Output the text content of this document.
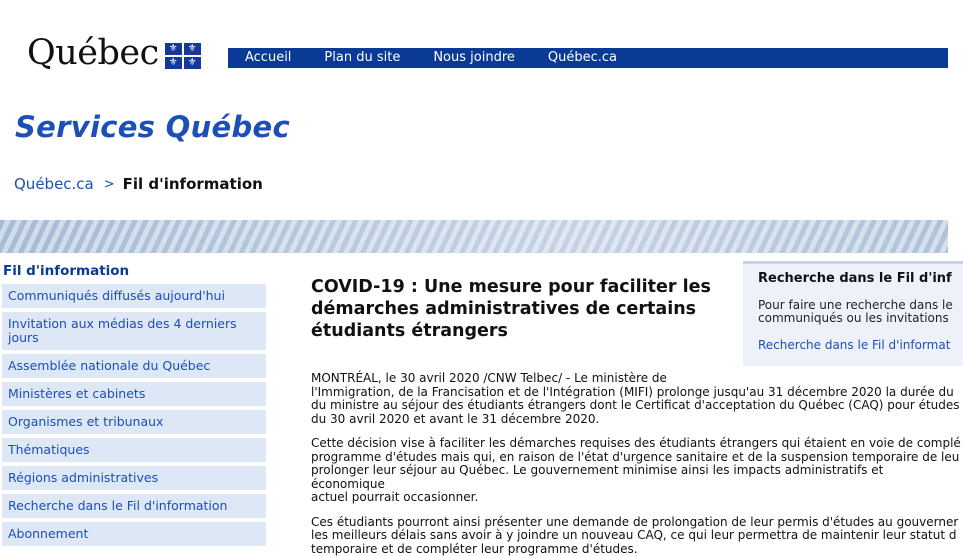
Québec	⚜	⚜
⚜	⚜	Accueil	Plan du site	Nous joindre	Québec.ca
Services Québec
Québec.ca > Fil d'information
Fil d'information
Communiqués diffusés aujourd'hui
Invitation aux médias des 4 derniers jours
Assemblée nationale du Québec
Ministères et cabinets
Organismes et tribunaux
Thématiques
Régions administratives
Recherche dans le Fil d'information
Abonnement
COVID-19 : Une mesure pour faciliter les démarches administratives de certains étudiants étrangers

MONTRÉAL, le 30 avril 2020 /CNW Telbec/ - Le ministère de
l'Immigration, de la Francisation et de l'Intégration (MIFI) prolonge jusqu'au 31 décembre 2020 la durée du
du ministre au séjour des étudiants étrangers dont le Certificat d'acceptation du Québec (CAQ) pour études
du 30 avril 2020 et avant le 31 décembre 2020.

Cette décision vise à faciliter les démarches requises des étudiants étrangers qui étaient en voie de complé
programme d'études mais qui, en raison de l'état d'urgence sanitaire et de la suspension temporaire de leu
prolonger leur séjour au Québec. Le gouvernement minimise ainsi les impacts administratifs et économique
actuel pourrait occasionner.

Ces étudiants pourront ainsi présenter une demande de prolongation de leur permis d'études au gouverner
les meilleurs délais sans avoir à y joindre un nouveau CAQ, ce qui leur permettra de maintenir leur statut d
temporaire et de compléter leur programme d'études.

Recherche dans le Fil d'inf
Pour faire une recherche dans le
communiqués ou les invitations
Recherche dans le Fil d'informat
